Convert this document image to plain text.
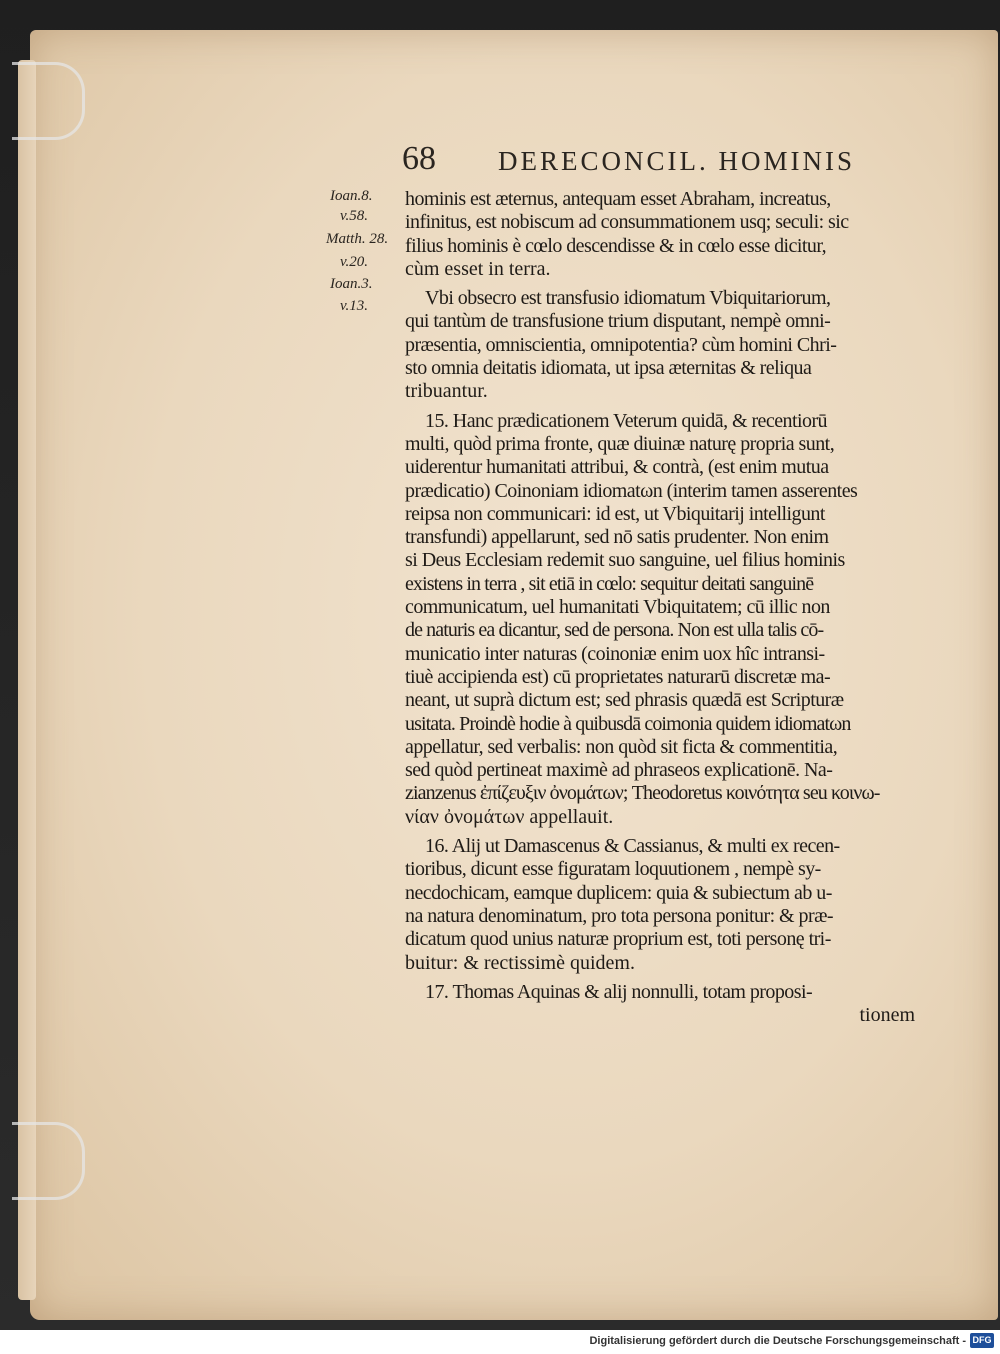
68 DERECONCIL. HOMINIS
Ioan.8.
v.58.
Matth. 28.
v.20.
Ioan.3.
v.13.
hominis est æternus, antequam esset Abraham, increatus,
infinitus, est nobiscum ad consummationem usq; seculi: sic
filius hominis è cœlo descendisse & in cœlo esse dicitur,
cùm esset in terra.
Vbi obsecro est transfusio idiomatum Vbiquitariorum,
qui tantùm de transfusione trium disputant, nempè omni-
præsentia, omniscientia, omnipotentia? cùm homini Chri-
sto omnia deitatis idiomata, ut ipsa æternitas & reliqua
tribuantur.
15. Hanc prædicationem Veterum quidā, & recentiorū
multi, quòd prima fronte, quæ diuinæ naturę propria sunt,
uiderentur humanitati attribui, & contrà, (est enim mutua
prædicatio) Coinoniam idiomatωn (interim tamen asserentes
reipsa non communicari: id est, ut Vbiquitarij intelligunt
transfundi) appellarunt, sed nō satis prudenter. Non enim
si Deus Ecclesiam redemit suo sanguine, uel filius hominis
existens in terra , sit etiā in cœlo: sequitur deitati sanguinē
communicatum, uel humanitati Vbiquitatem; cū illic non
de naturis ea dicantur, sed de persona. Non est ulla talis cō-
municatio inter naturas (coinoniæ enim uox hîc intransi-
tiuè accipienda est) cū proprietates naturarū discretæ ma-
neant, ut suprà dictum est; sed phrasis quædā est Scripturæ
usitata. Proindè hodie à quibusdā coimonia quidem idiomatωn
appellatur, sed verbalis: non quòd sit ficta & commentitia,
sed quòd pertineat maximè ad phraseos explicationē. Na-
zianzenus ἐπίζευξιν ὀνομάτων; Theodoretus κοινότητα seu κοινω-
νίαν ὀνομάτων appellauit.
16. Alij ut Damascenus & Cassianus, & multi ex recen-
tioribus, dicunt esse figuratam loquutionem , nempè sy-
necdochicam, eamque duplicem: quia & subiectum ab u-
na natura denominatum, pro tota persona ponitur: & præ-
dicatum quod unius naturæ proprium est, toti personę tri-
buitur: & rectissimè quidem.
17. Thomas Aquinas & alij nonnulli, totam proposi-
tionem
Digitalisierung gefördert durch die Deutsche Forschungsgemeinschaft - DFG
